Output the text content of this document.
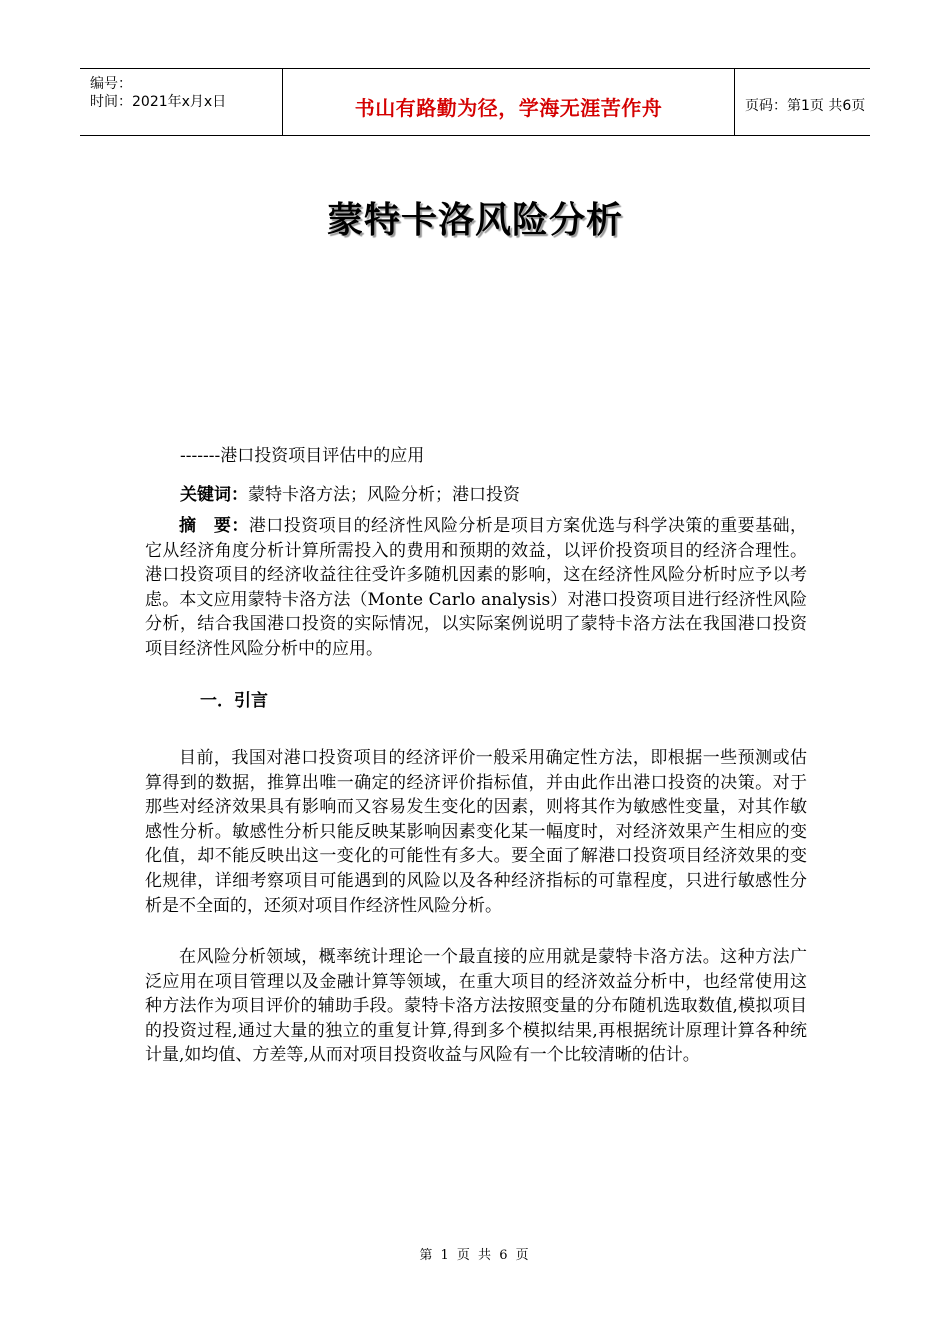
编号：
时间：2021年x月x日	书山有路勤为径，学海无涯苦作舟	页码：第1页 共6页
蒙特卡洛风险分析
-------港口投资项目评估中的应用
关键词：蒙特卡洛方法；风险分析；港口投资
摘　要：港口投资项目的经济性风险分析是项目方案优选与科学决策的重要基础，它从经济角度分析计算所需投入的费用和预期的效益，以评价投资项目的经济合理性。港口投资项目的经济收益往往受许多随机因素的影响，这在经济性风险分析时应予以考虑。本文应用蒙特卡洛方法（Monte Carlo analysis）对港口投资项目进行经济性风险分析，结合我国港口投资的实际情况，以实际案例说明了蒙特卡洛方法在我国港口投资项目经济性风险分析中的应用。
一．引言
目前，我国对港口投资项目的经济评价一般采用确定性方法，即根据一些预测或估算得到的数据，推算出唯一确定的经济评价指标值，并由此作出港口投资的决策。对于那些对经济效果具有影响而又容易发生变化的因素，则将其作为敏感性变量，对其作敏感性分析。敏感性分析只能反映某影响因素变化某一幅度时，对经济效果产生相应的变化值，却不能反映出这一变化的可能性有多大。要全面了解港口投资项目经济效果的变化规律，详细考察项目可能遇到的风险以及各种经济指标的可靠程度，只进行敏感性分析是不全面的，还须对项目作经济性风险分析。
在风险分析领域，概率统计理论一个最直接的应用就是蒙特卡洛方法。这种方法广泛应用在项目管理以及金融计算等领域，在重大项目的经济效益分析中，也经常使用这种方法作为项目评价的辅助手段。蒙特卡洛方法按照变量的分布随机选取数值,模拟项目的投资过程,通过大量的独立的重复计算,得到多个模拟结果,再根据统计原理计算各种统计量,如均值、方差等,从而对项目投资收益与风险有一个比较清晰的估计。
第 1 页 共 6 页
